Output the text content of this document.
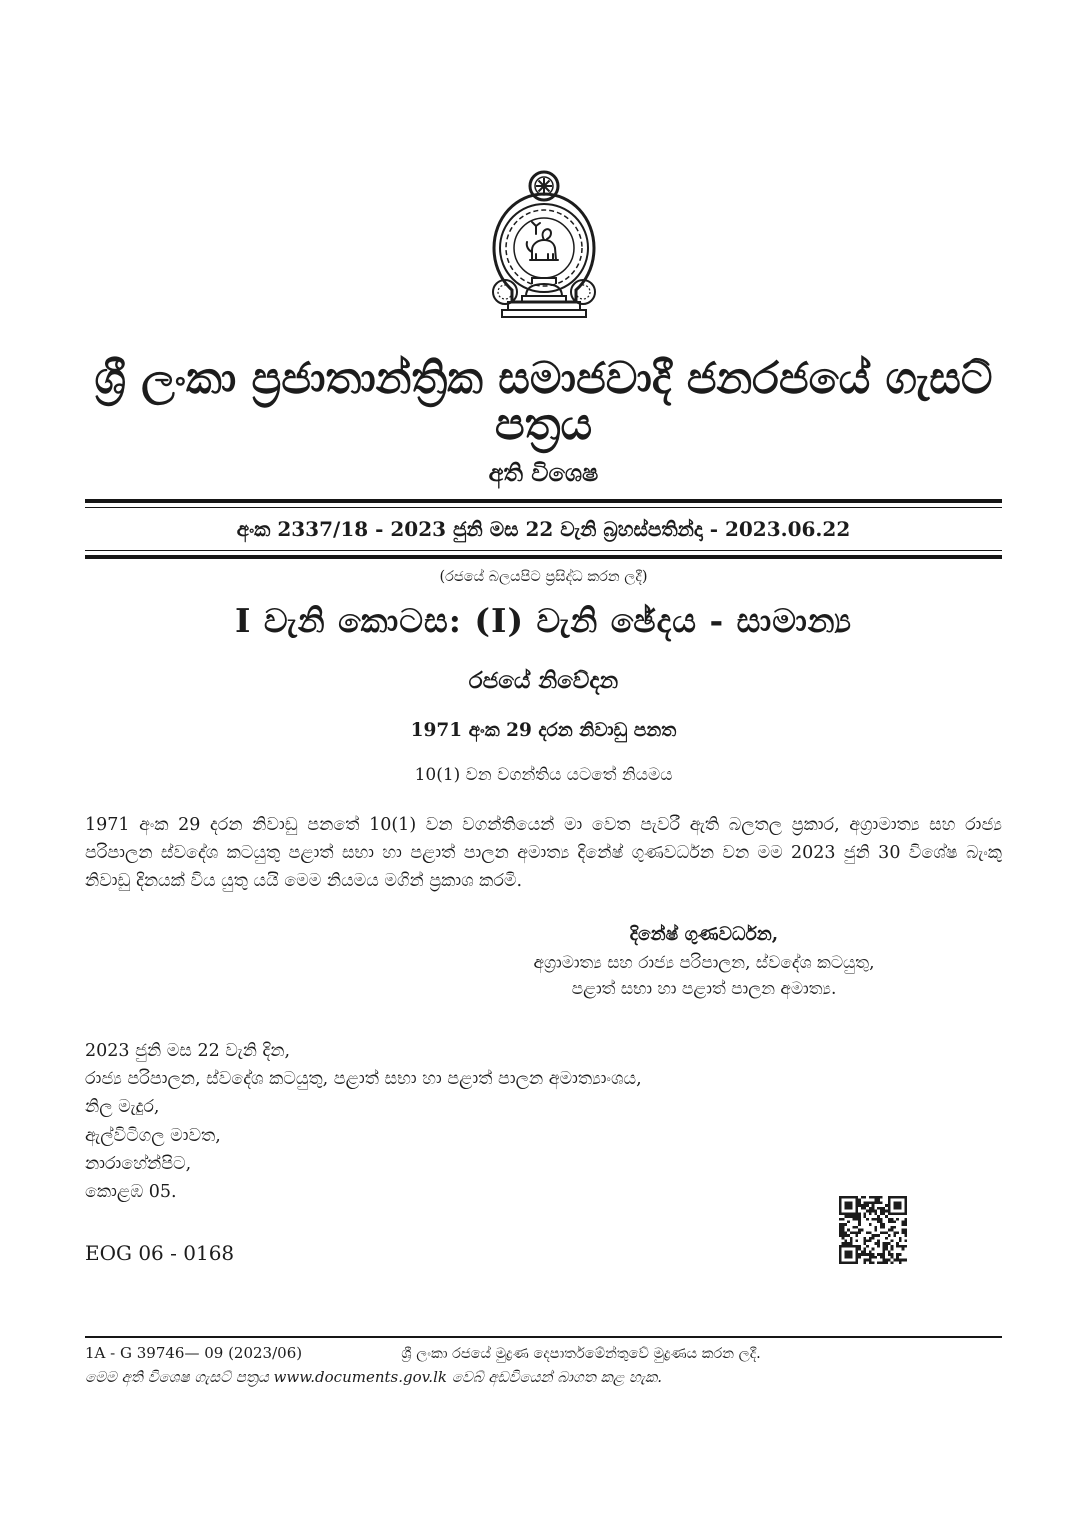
ශ්‍රී ලංකා ප්‍රජාතාන්ත්‍රික සමාජවාදී ජනරජයේ ගැසට් පත්‍රය
අති විශෙෂ
අංක 2337/18 - 2023 ජුනි මස 22 වැනි බ්‍රහස්පතින්දා - 2023.06.22
(රජයේ බලයපිට ප්‍රසිද්ධ කරන ලදී)
I වැනි කොටස: (I) වැනි ඡේදය - සාමාන්‍ය
රජයේ නිවේදන
1971 අංක 29 දරන නිවාඩු පනත
10(1) වන වගන්තිය යටතේ නියමය
1971 අංක 29 දරන නිවාඩු පනතේ 10(1) වන වගන්තියෙන් මා වෙත පැවරී ඇති බලතල ප්‍රකාර, අග්‍රාමාත්‍ය සහ රාජ්‍ය පරිපාලන ස්වදේශ කටයුතු පළාත් සභා හා පළාත් පාලන අමාත්‍ය දිනේෂ් ගුණවර්ධන වන මම 2023 ජුනි 30 විශේෂ බැංකු නිවාඩු දිනයක් විය යුතු යයි මෙම නියමය මගින් ප්‍රකාශ කරමි.
දිනේෂ් ගුණවර්ධන,
අග්‍රාමාත්‍ය සහ රාජ්‍ය පරිපාලන, ස්වදේශ කටයුතු,
පළාත් සභා හා පළාත් පාලන අමාත්‍ය.
2023 ජුනි මස 22 වැනි දින,
රාජ්‍ය පරිපාලන, ස්වදේශ කටයුතු, පළාත් සභා හා පළාත් පාලන අමාත්‍යාංශය,
නිල මැදුර,
ඇල්විටිගල මාවත,
නාරාහේන්පිට,
කොළඹ 05.
EOG 06 - 0168
1A - G 39746— 09 (2023/06)	ශ්‍රී ලංකා රජයේ මුද්‍රණ දෙපාර්තමේන්තුවේ මුද්‍රණය කරන ලදී.
මෙම අති විශෙෂ ගැසට් පත්‍රය www.documents.gov.lk වෙබ් අඩවියෙන් බාගත කළ හැක.
